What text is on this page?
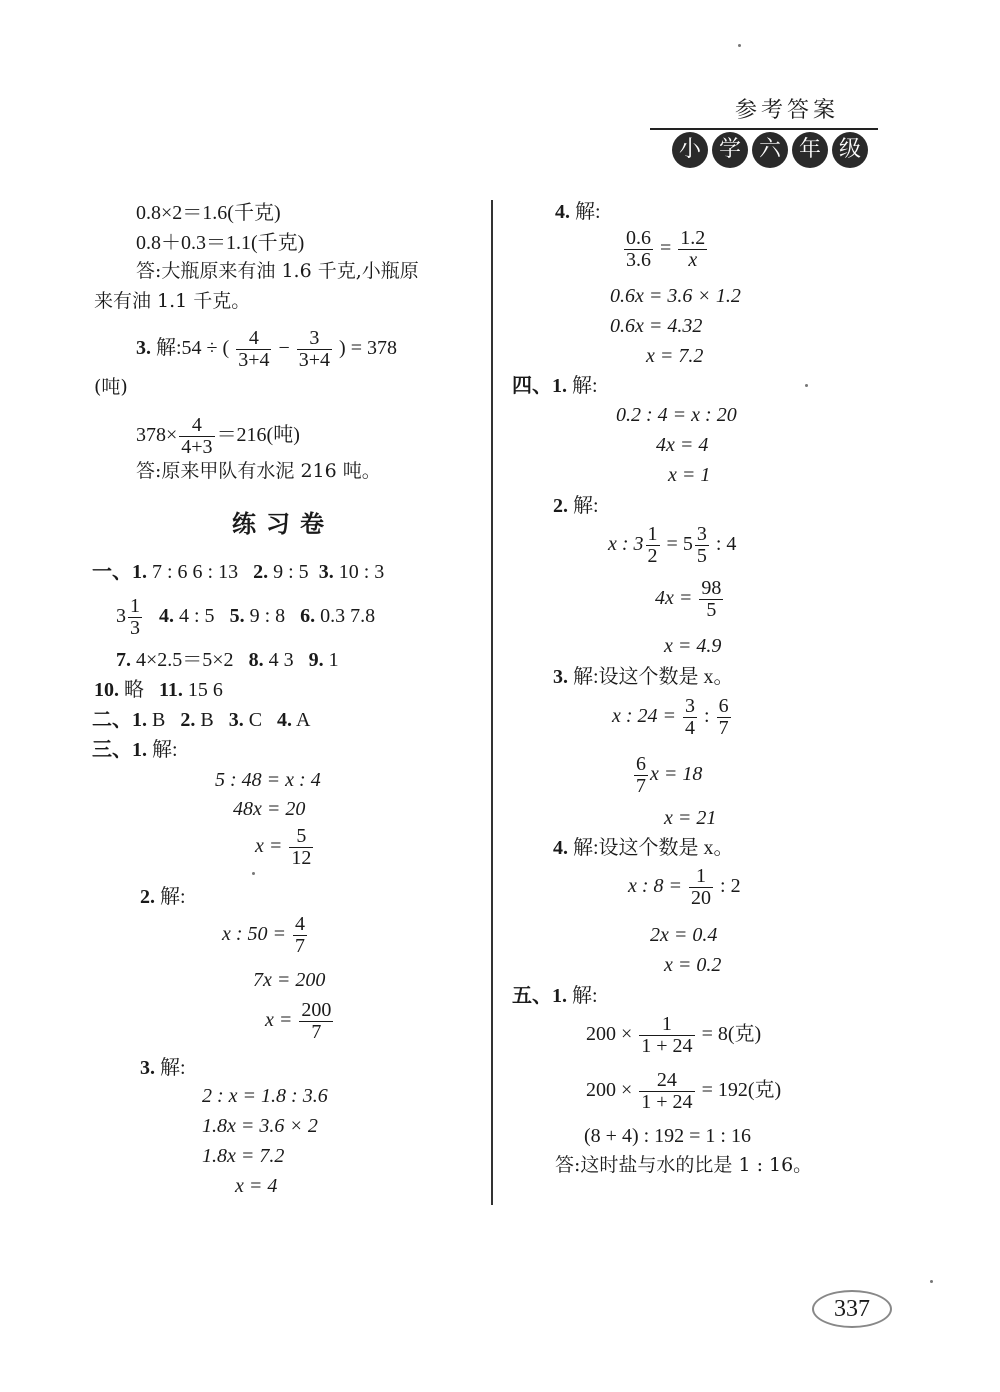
参考答案
小 学 六 年 级
0.8×2＝1.6(千克)
0.8＋0.3＝1.1(千克)
答:大瓶原来有油 1.6 千克,小瓶原
来有油 1.1 千克。
3. 解:54 ÷ ( $\frac{4}{3+4} - \frac{3}{3+4}$ ) = 378
(吨)
$378\times \frac{4}{4+3} =216$(吨)
答:原来甲队有水泥 216 吨。
练习卷
一、1. 7 : 6 6 : 13 2. 9 : 5 3. 10 : 3
$3 \frac{1}{3} 4$. 4 : 5 5. 9 : 8 6. 0.3 7.8
7. 4×2.5＝5×2 8. 4 3 9. 1
10. 略 11. 15 6
二、1. B 2. B 3. C 4. A
三、1. 解:
5 : 48 = x : 4
48x = 20
$x = \frac{5}{12}$
2. 解:
x : $50 = \frac{4}{7}$
7x = 200
$x = \frac{200}{7}$
3. 解:
2 : x = 1.8 : 3.6
1.8x = 3.6 × 2
1.8x = 7.2
x = 4
4. 解:
$\frac{0.6}{3.6} = \frac{1.2}{x}$
0.6x = 3.6 × 1.2
0.6x = 4.32
x = 7.2
四、1. 解:
0.2 : 4 = x : 20
4x = 4
x = 1
2. 解:
x : $3 \frac{1}{2} = 5 \frac{3}{5}$ : 4
$4x = \frac{98}{5}$
x = 4.9
3. 解:设这个数是 x。
x : $24 = \frac{3}{4}$ : $\frac{6}{7}$
$\frac{6}{7}$ x = 18
x = 21
4. 解:设这个数是 x。
x : $8 = \frac{1}{20}$ : 2
2x = 0.4
x = 0.2
五、1. 解:
$200 \times \frac{1}{1 + 24} = 8$(克)
$200 \times \frac{24}{1 + 24} = 192$(克)
(8 + 4) : 192 = 1 : 16
答:这时盐与水的比是 1 : 16。
337
